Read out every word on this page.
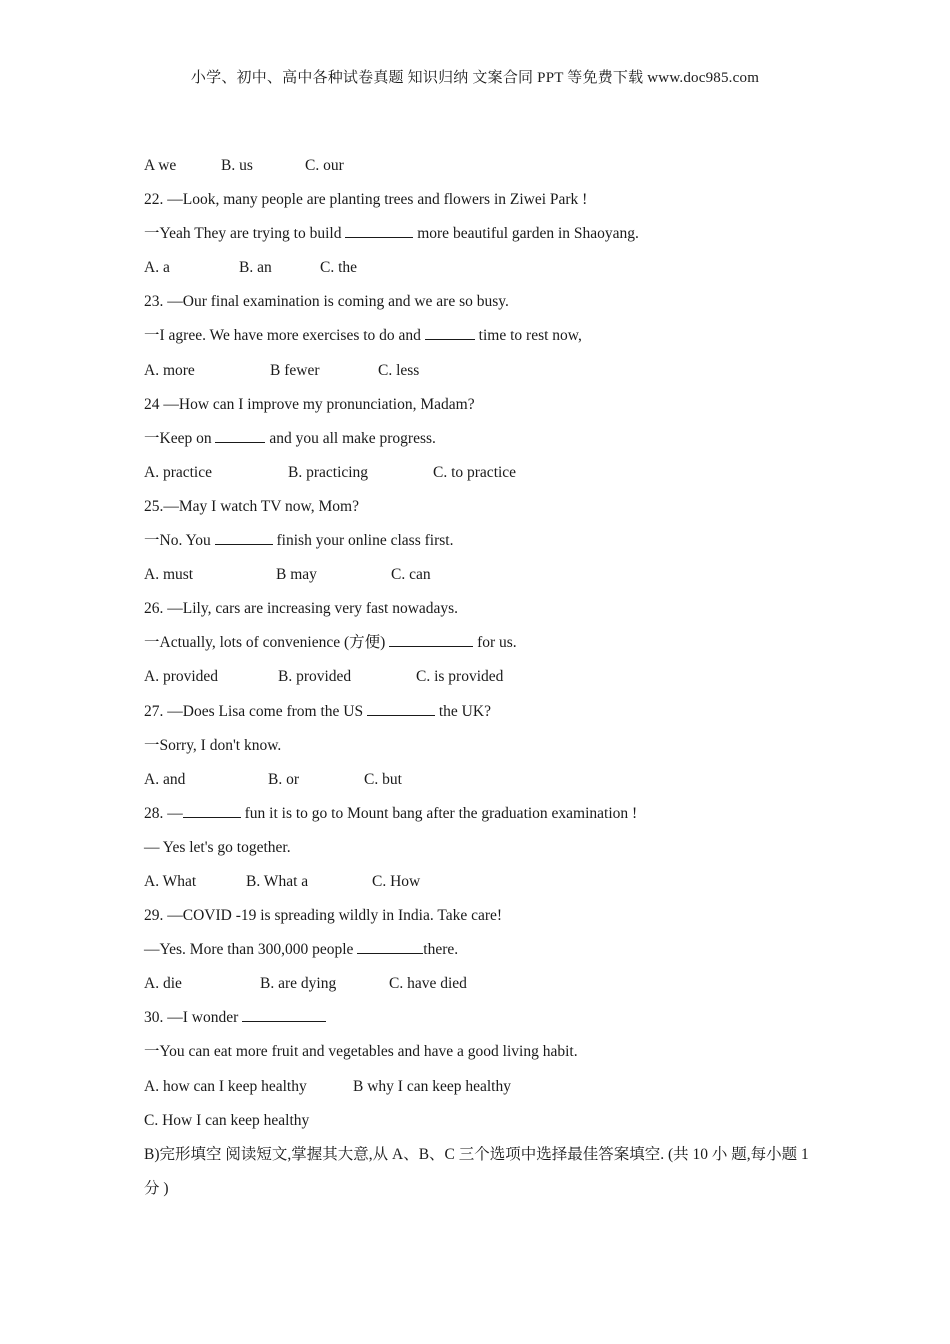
小学、初中、高中各种试卷真题 知识归纳 文案合同 PPT 等免费下载 www.doc985.com
A we	B. us	C. our
22. —Look, many people are planting trees and flowers in Ziwei Park !
一Yeah They are trying to build	more beautiful garden in Shaoyang.
A. a	B. an	C. the
23. —Our final examination is coming and we are so busy.
一I agree. We have more exercises to do and	time to rest now,
A. more	B fewer	C. less
24 —How can I improve my pronunciation, Madam?
一Keep on	and you all make progress.
A. practice	B. practicing	C. to practice
25.—May I watch TV now, Mom?
一No. You	finish your online class first.
A. must	B may	C. can
26. —Lily, cars are increasing very fast nowadays.
一Actually, lots of convenience (方便)	for us.
A. provided	B. provided	C. is provided
27. —Does Lisa come from the US	the UK?
一Sorry, I don't know.
A. and	B. or	C. but
28. —	fun it is to go to Mount bang after the graduation examination !
— Yes let's go together.
A. What	B. What a	C. How
29. —COVID -19 is spreading wildly in India. Take care!
—Yes. More than 300,000 people	there.
A. die	B. are dying	C. have died
30. —I wonder
一You can eat more fruit and vegetables and have a good living habit.
A. how can I keep healthy	B why I can keep healthy
C. How I can keep healthy
B)完形填空 阅读短文,掌握其大意,从 A、B、C 三个选项中选择最佳答案填空. (共 10 小 题,每小题 1 分 )
